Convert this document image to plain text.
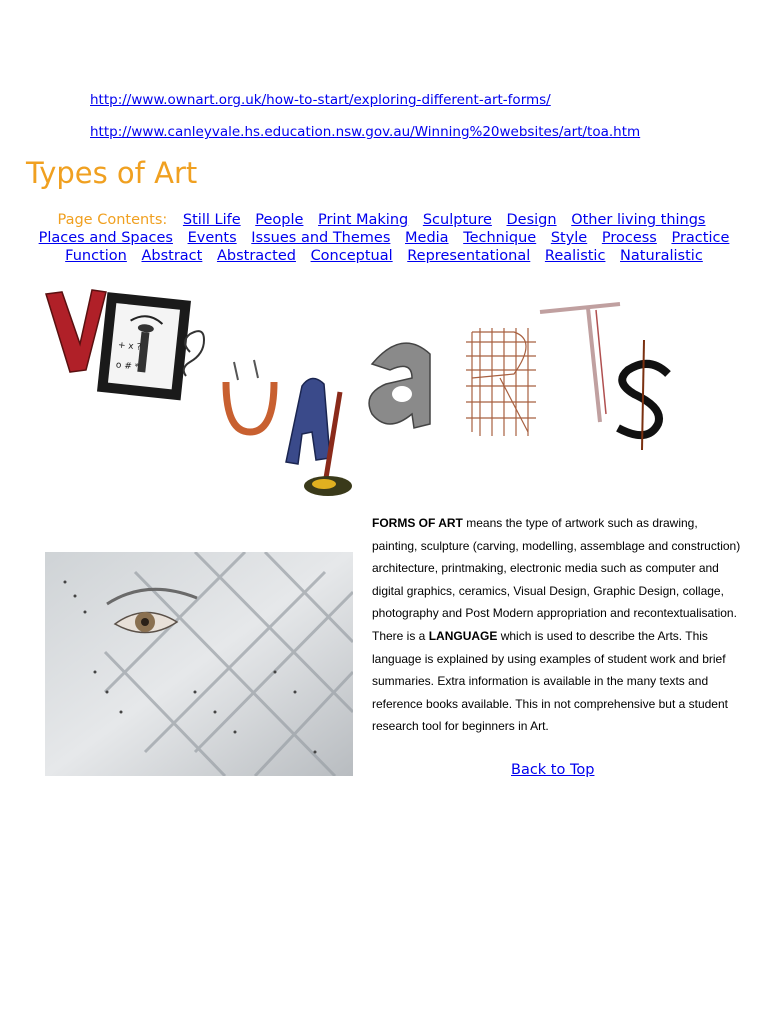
http://www.ownart.org.uk/how-to-start/exploring-different-art-forms/
http://www.canleyvale.hs.education.nsw.gov.au/Winning%20websites/art/toa.htm
Types of Art
Page Contents: Still Life People Print Making Sculpture Design Other living things Places and Spaces Events Issues and Themes Media Technique Style Process Practice Function Abstract Abstracted Conceptual Representational Realistic Naturalistic
+ x ?
o # *

FORMS OF ART means the type of artwork such as drawing, painting, sculpture (carving, modelling, assemblage and construction) architecture, printmaking, electronic media such as computer and digital graphics, ceramics, Visual Design, Graphic Design, collage, photography and Post Modern appropriation and recontextualisation.

There is a LANGUAGE which is used to describe the Arts. This language is explained by using examples of student work and brief summaries. Extra information is available in the many texts and reference books available. This in not comprehensive but a student research tool for beginners in Art.

Back to Top
